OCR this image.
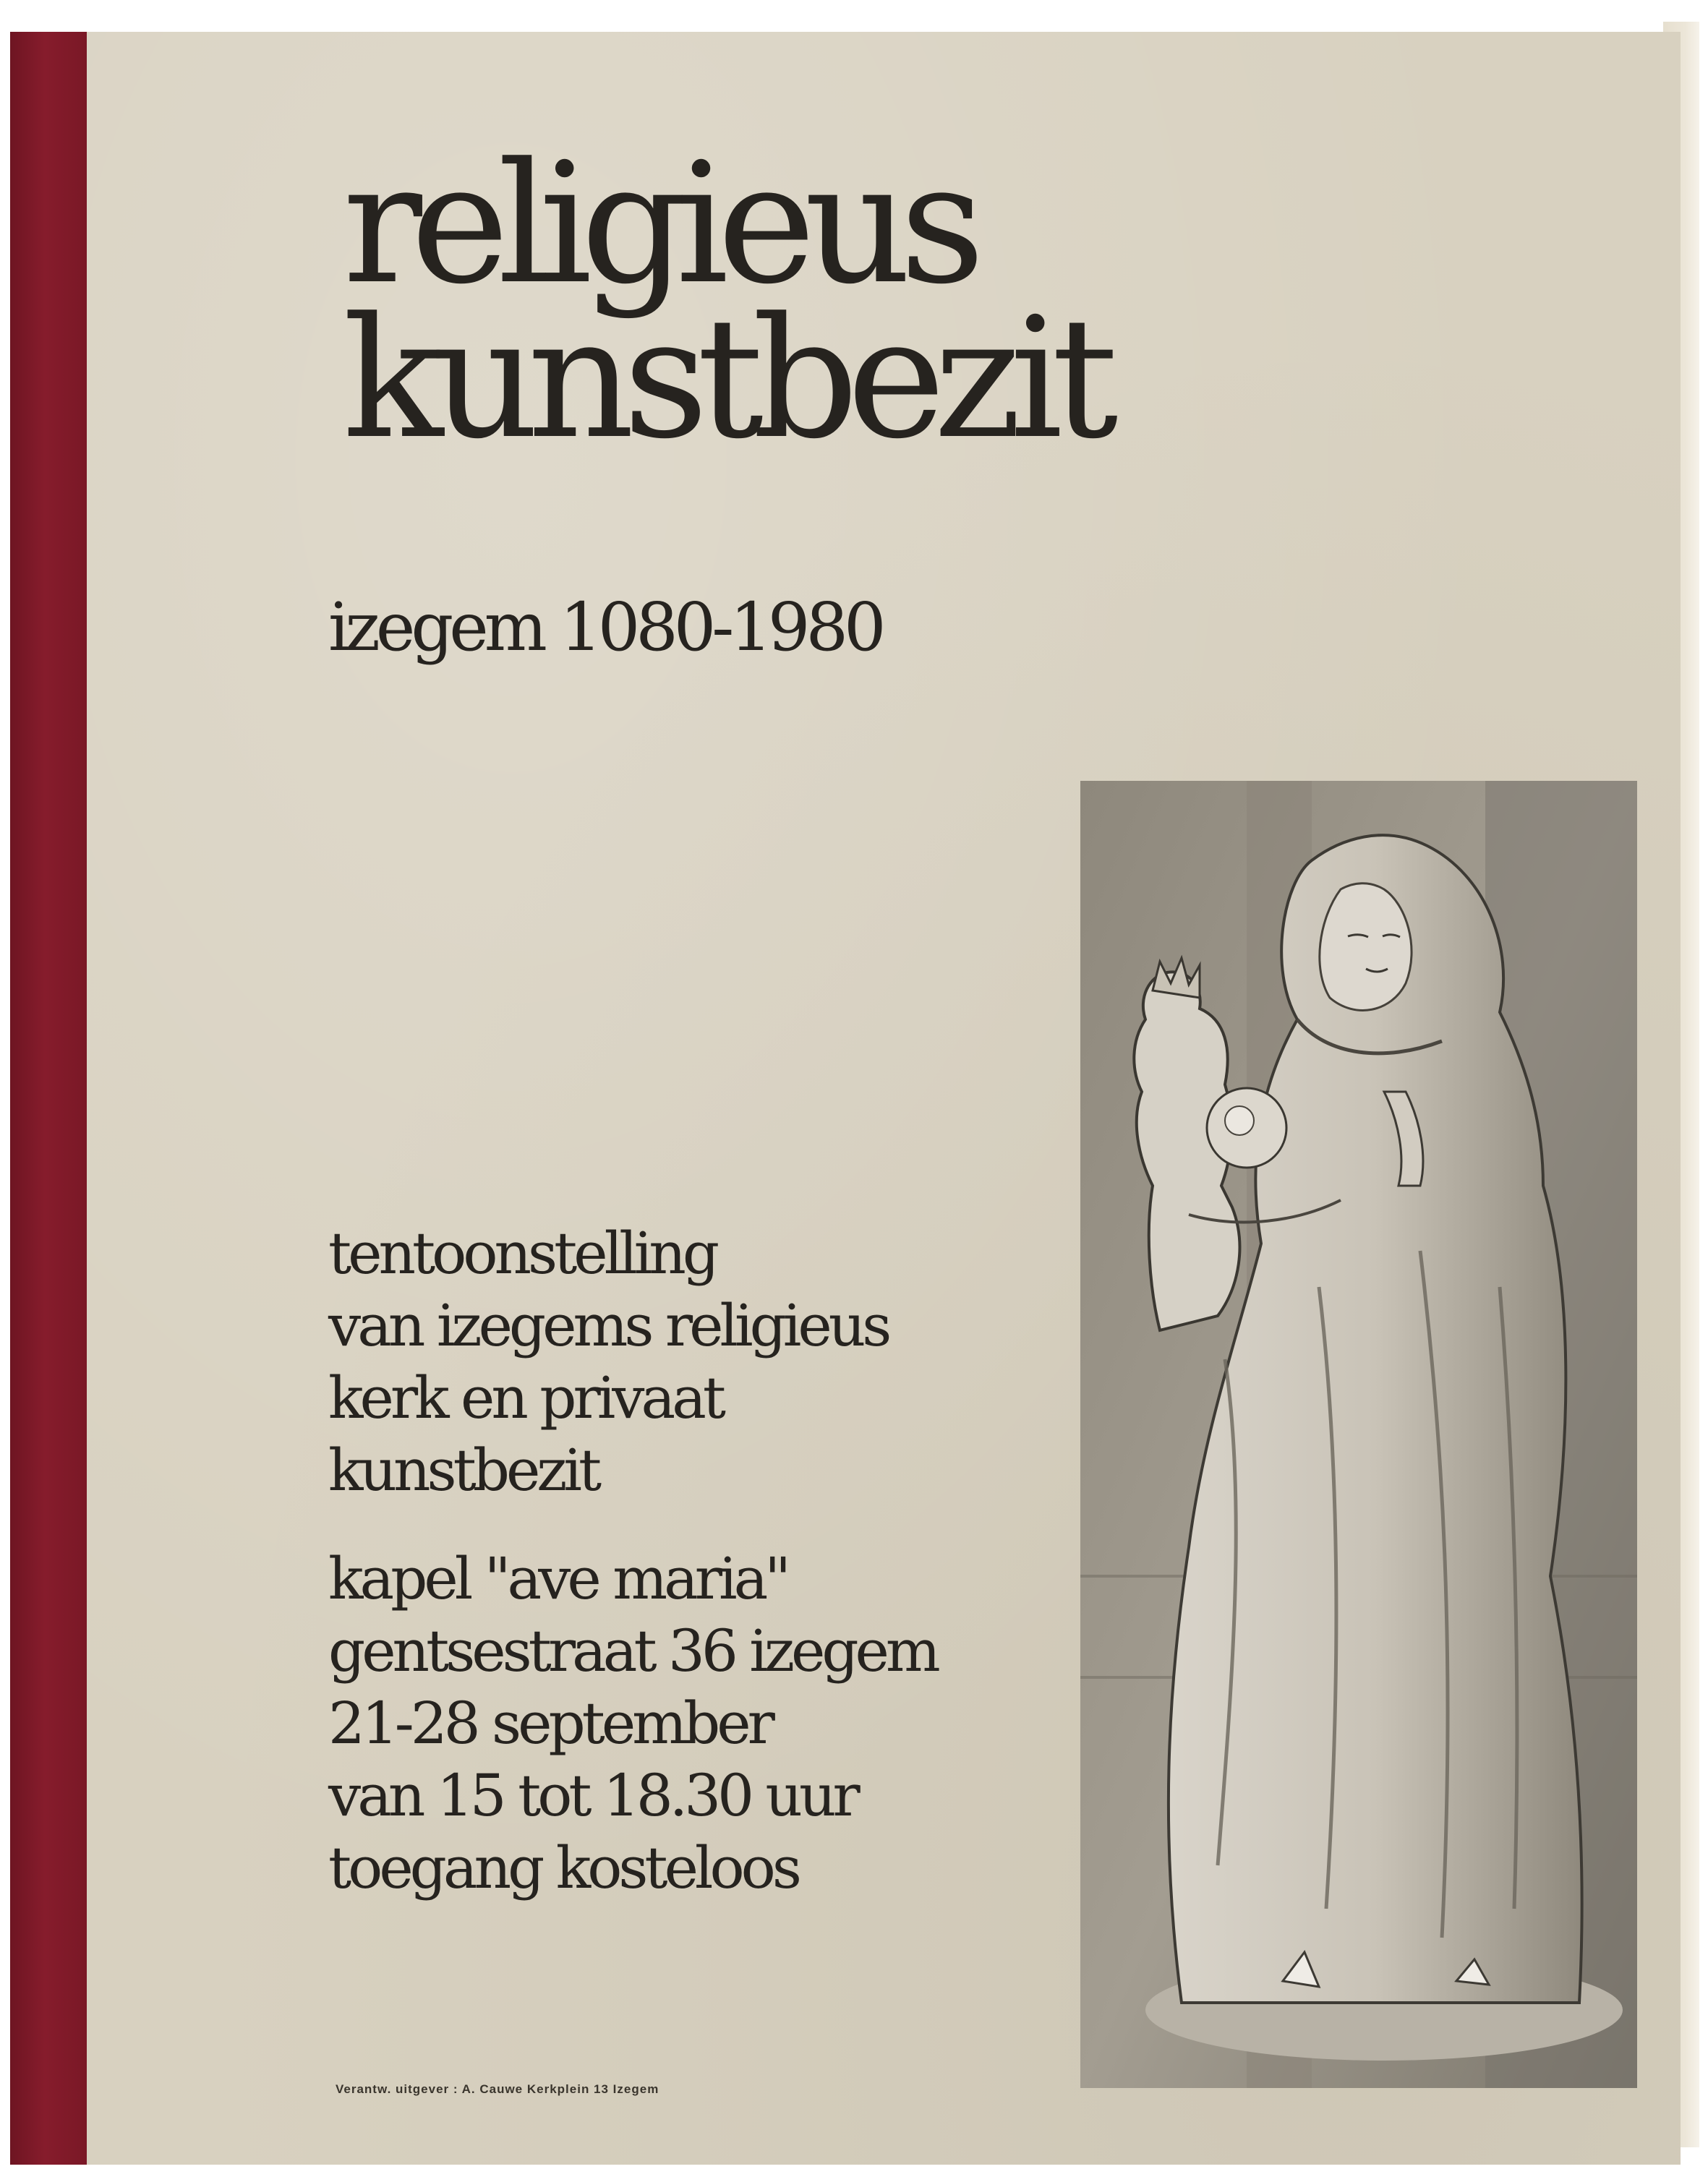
religieus
kunstbezit
izegem 1080-1980
tentoonstelling
van izegems religieus
kerk en privaat
kunstbezit
kapel "ave maria"
gentsestraat 36 izegem
21-28 september
van 15 tot 18.30 uur
toegang kosteloos
Verantw. uitgever : A. Cauwe Kerkplein 13 Izegem
